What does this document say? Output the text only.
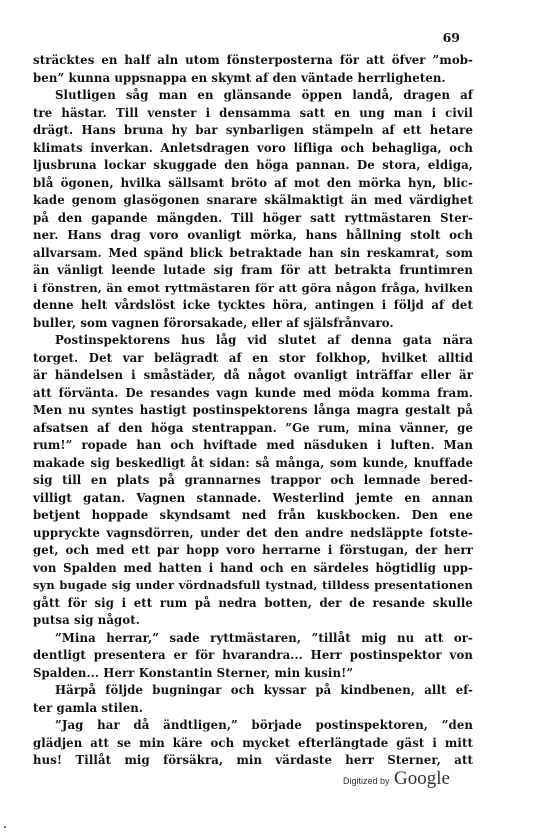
69
sträcktes en half aln utom fönsterposterna för att öfver ”mob-
ben” kunna uppsnappa en skymt af den väntade herrligheten.
Slutligen såg man en glänsande öppen landå, dragen af
tre hästar. Till venster i densamma satt en ung man i civil
drägt. Hans bruna hy bar synbarligen stämpeln af ett hetare
klimats inverkan. Anletsdragen voro lifliga och behagliga, och
ljusbruna lockar skuggade den höga pannan. De stora, eldiga,
blå ögonen, hvilka sällsamt bröto af mot den mörka hyn, blic-
kade genom glasögonen snarare skälmaktigt än med värdighet
på den gapande mängden. Till höger satt ryttmästaren Ster-
ner. Hans drag voro ovanligt mörka, hans hållning stolt och
allvarsam. Med spänd blick betraktade han sin reskamrat, som
än vänligt leende lutade sig fram för att betrakta fruntimren
i fönstren, än emot ryttmästaren för att göra någon fråga, hvilken
denne helt vårdslöst icke tycktes höra, antingen i följd af det
buller, som vagnen förorsakade, eller af själsfrånvaro.
Postinspektorens hus låg vid slutet af denna gata nära
torget. Det var belägradt af en stor folkhop, hvilket alltid
är händelsen i småstäder, då något ovanligt inträffar eller är
att förvänta. De resandes vagn kunde med möda komma fram.
Men nu syntes hastigt postinspektorens långa magra gestalt på
afsatsen af den höga stentrappan. ”Ge rum, mina vänner, ge
rum!” ropade han och hviftade med näsduken i luften. Man
makade sig beskedligt åt sidan: så många, som kunde, knuffade
sig till en plats på grannarnes trappor och lemnade bered-
villigt gatan. Vagnen stannade. Westerlind jemte en annan
betjent hoppade skyndsamt ned från kuskbocken. Den ene
uppryckte vagnsdörren, under det den andre nedsläppte fotste-
get, och med ett par hopp voro herrarne i förstugan, der herr
von Spalden med hatten i hand och en särdeles högtidlig upp-
syn bugade sig under vördnadsfull tystnad, tilldess presentationen
gått för sig i ett rum på nedra botten, der de resande skulle
putsa sig något.
”Mina herrar,” sade ryttmästaren, ”tillåt mig nu att or-
dentligt presentera er för hvarandra... Herr postinspektor von
Spalden... Herr Konstantin Sterner, min kusin!”
Härpå följde bugningar och kyssar på kindbenen, allt ef-
ter gamla stilen.
”Jag har då ändtligen,” började postinspektoren, ”den
glädjen att se min käre och mycket efterlängtade gäst i mitt
hus! Tillåt mig försäkra, min värdaste herr Sterner, att
Digitized by Google
